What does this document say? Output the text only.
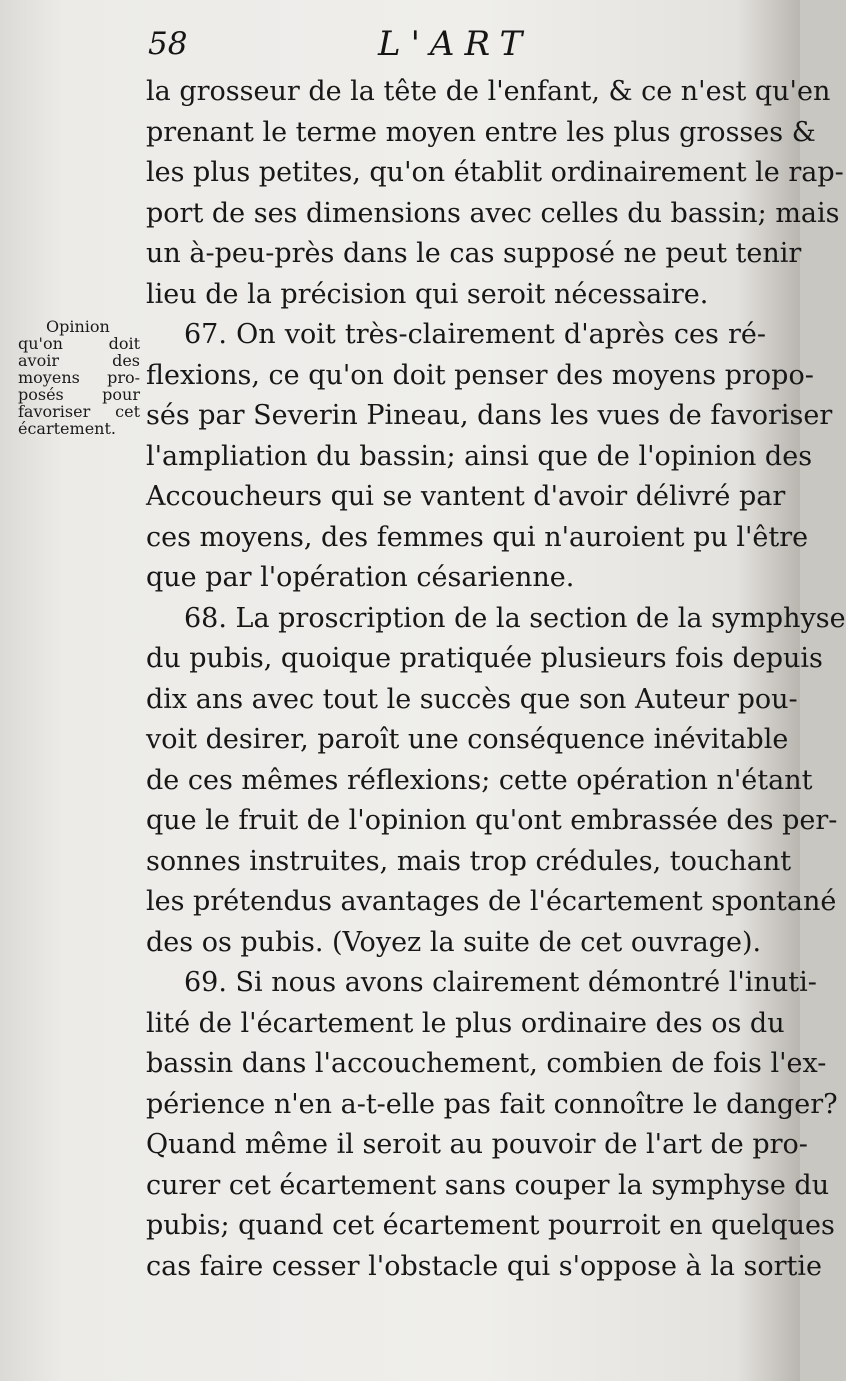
58	L'ART
Opinion
qu'on doit
avoir des
moyens pro-
posés pour
favoriser cet
écartement.
la grosseur de la tête de l'enfant, & ce n'est qu'en
prenant le terme moyen entre les plus grosses &
les plus petites, qu'on établit ordinairement le rap-
port de ses dimensions avec celles du bassin; mais
un à-peu-près dans le cas supposé ne peut tenir
lieu de la précision qui seroit nécessaire.
67. On voit très-clairement d'après ces ré-
flexions, ce qu'on doit penser des moyens propo-
sés par Severin Pineau, dans les vues de favoriser
l'ampliation du bassin; ainsi que de l'opinion des
Accoucheurs qui se vantent d'avoir délivré par
ces moyens, des femmes qui n'auroient pu l'être
que par l'opération césarienne.
68. La proscription de la section de la symphyse
du pubis, quoique pratiquée plusieurs fois depuis
dix ans avec tout le succès que son Auteur pou-
voit desirer, paroît une conséquence inévitable
de ces mêmes réflexions; cette opération n'étant
que le fruit de l'opinion qu'ont embrassée des per-
sonnes instruites, mais trop crédules, touchant
les prétendus avantages de l'écartement spontané
des os pubis. (Voyez la suite de cet ouvrage).
69. Si nous avons clairement démontré l'inuti-
lité de l'écartement le plus ordinaire des os du
bassin dans l'accouchement, combien de fois l'ex-
périence n'en a-t-elle pas fait connoître le danger?
Quand même il seroit au pouvoir de l'art de pro-
curer cet écartement sans couper la symphyse du
pubis; quand cet écartement pourroit en quelques
cas faire cesser l'obstacle qui s'oppose à la sortie
